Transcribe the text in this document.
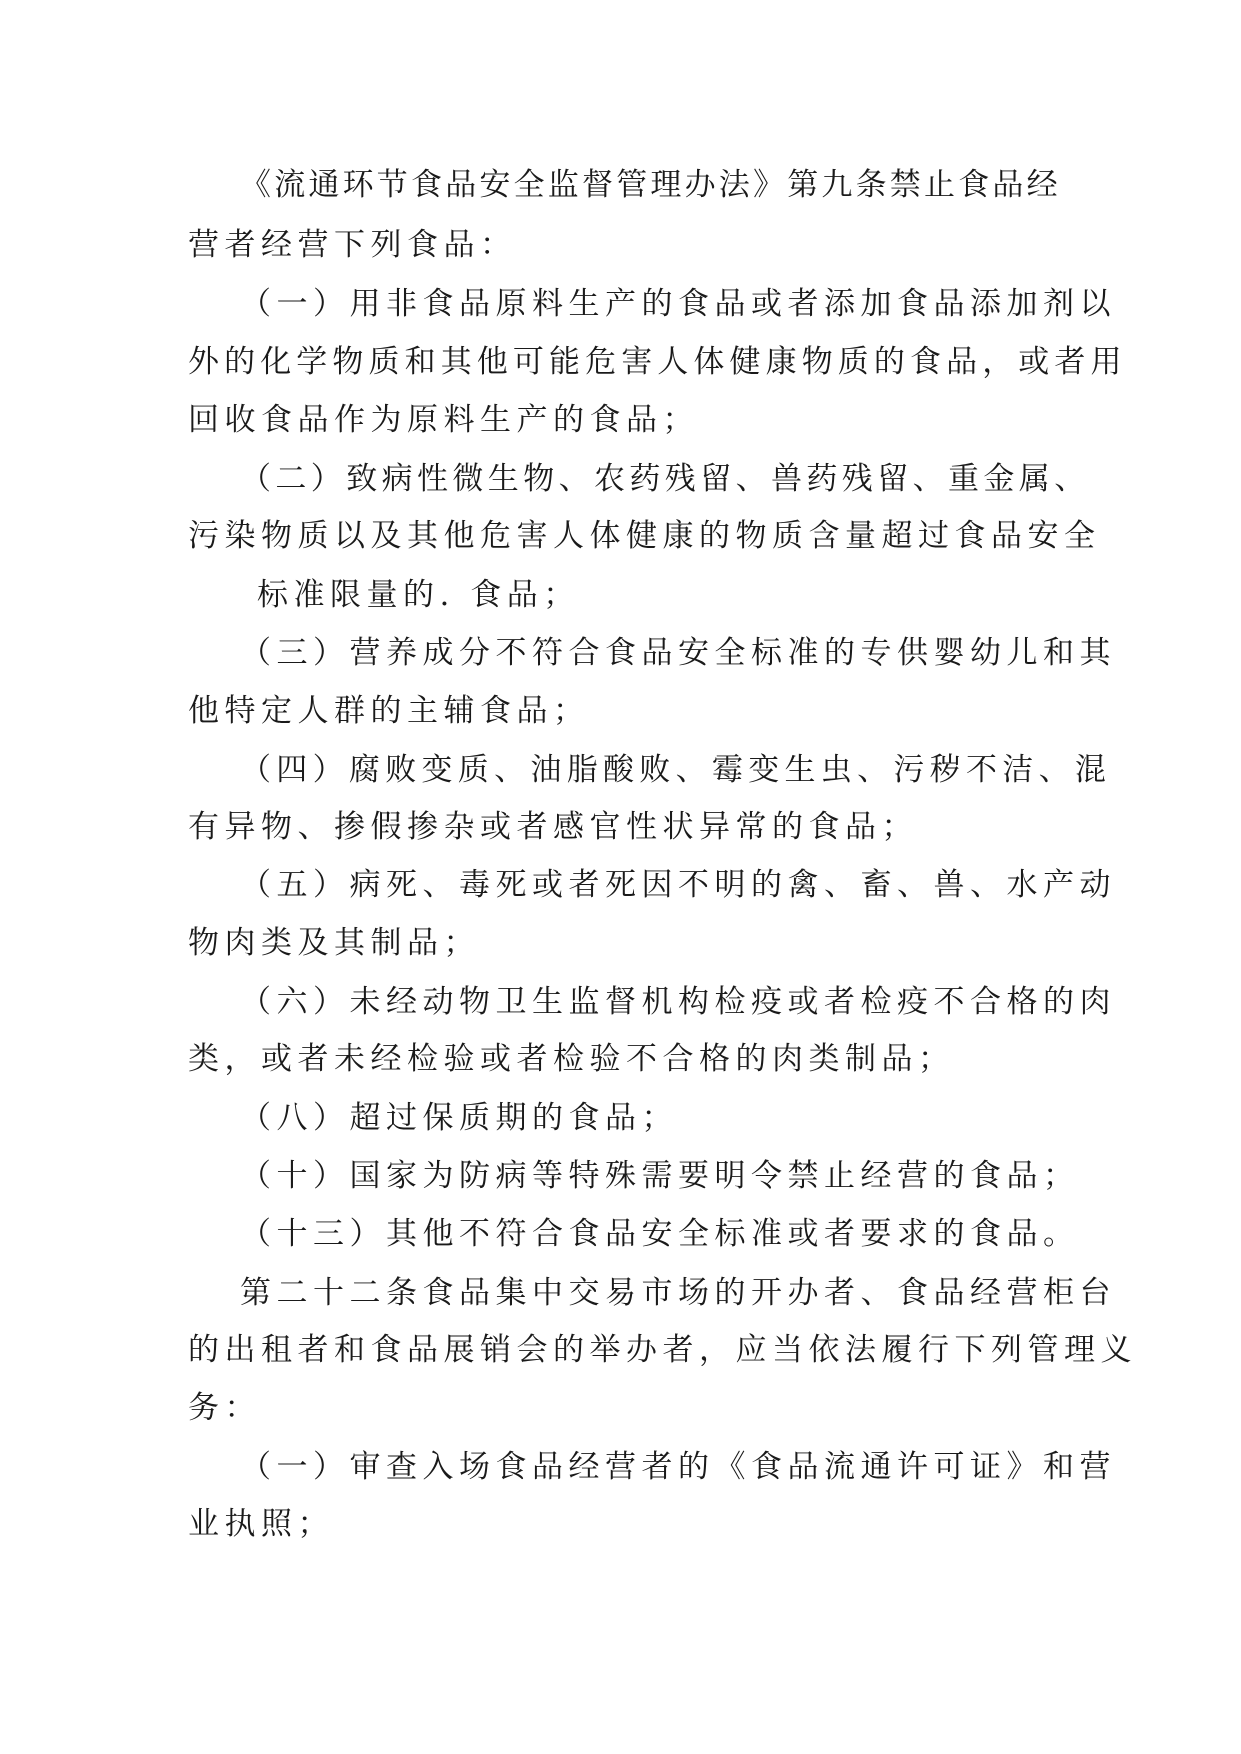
《流通环节食品安全监督管理办法》第九条禁止食品经
营者经营下列食品：
（一）用非食品原料生产的食品或者添加食品添加剂以
外的化学物质和其他可能危害人体健康物质的食品，或者用
回收食品作为原料生产的食品；
（二）致病性微生物、农药残留、兽药残留、重金属、
污染物质以及其他危害人体健康的物质含量超过食品安全
标准限量的. 食品；
（三）营养成分不符合食品安全标准的专供婴幼儿和其
他特定人群的主辅食品；
（四）腐败变质、油脂酸败、霉变生虫、污秽不洁、混
有异物、掺假掺杂或者感官性状异常的食品；
（五）病死、毒死或者死因不明的禽、畜、兽、水产动
物肉类及其制品；
（六）未经动物卫生监督机构检疫或者检疫不合格的肉
类，或者未经检验或者检验不合格的肉类制品；
（八）超过保质期的食品；
（十）国家为防病等特殊需要明令禁止经营的食品；
（十三）其他不符合食品安全标准或者要求的食品。
第二十二条食品集中交易市场的开办者、食品经营柜台
的出租者和食品展销会的举办者，应当依法履行下列管理义
务：
（一）审查入场食品经营者的《食品流通许可证》和营
业执照；
